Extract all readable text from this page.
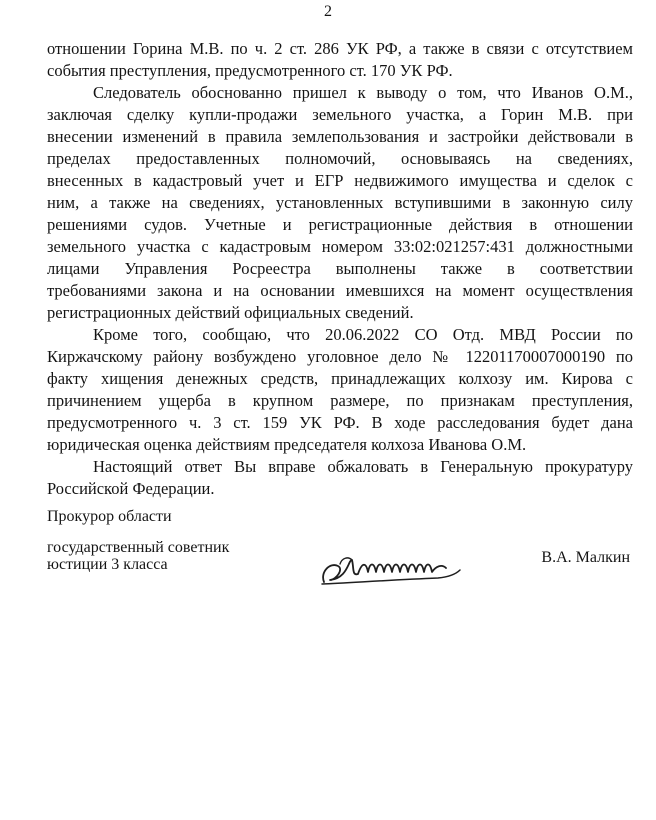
2
отношении Горина М.В. по ч. 2 ст. 286 УК РФ, а также в связи с отсутствием
события преступления, предусмотренного ст. 170 УК РФ.
Следователь обоснованно пришел к выводу о том, что Иванов О.М.,
заключая сделку купли-продажи земельного участка, а Горин М.В. при
внесении изменений в правила землепользования и застройки действовали в
пределах предоставленных полномочий, основываясь на сведениях,
внесенных в кадастровый учет и ЕГР недвижимого имущества и сделок с
ним, а также на сведениях, установленных вступившими в законную силу
решениями судов. Учетные и регистрационные действия в отношении
земельного участка с кадастровым номером 33:02:021257:431 должностными
лицами Управления Росреестра выполнены также в соответствии
требованиями закона и на основании имевшихся на момент осуществления
регистрационных действий официальных сведений.
Кроме того, сообщаю, что 20.06.2022 СО Отд. МВД России по
Киржачскому району возбуждено уголовное дело № 12201170007000190 по
факту хищения денежных средств, принадлежащих колхозу им. Кирова с
причинением ущерба в крупном размере, по признакам преступления,
предусмотренного ч. 3 ст. 159 УК РФ. В ходе расследования будет дана
юридическая оценка действиям председателя колхоза Иванова О.М.
Настоящий ответ Вы вправе обжаловать в Генеральную прокуратуру
Российской Федерации.
Прокурор области
государственный советник
юстиции 3 класса	В.А. Малкин
